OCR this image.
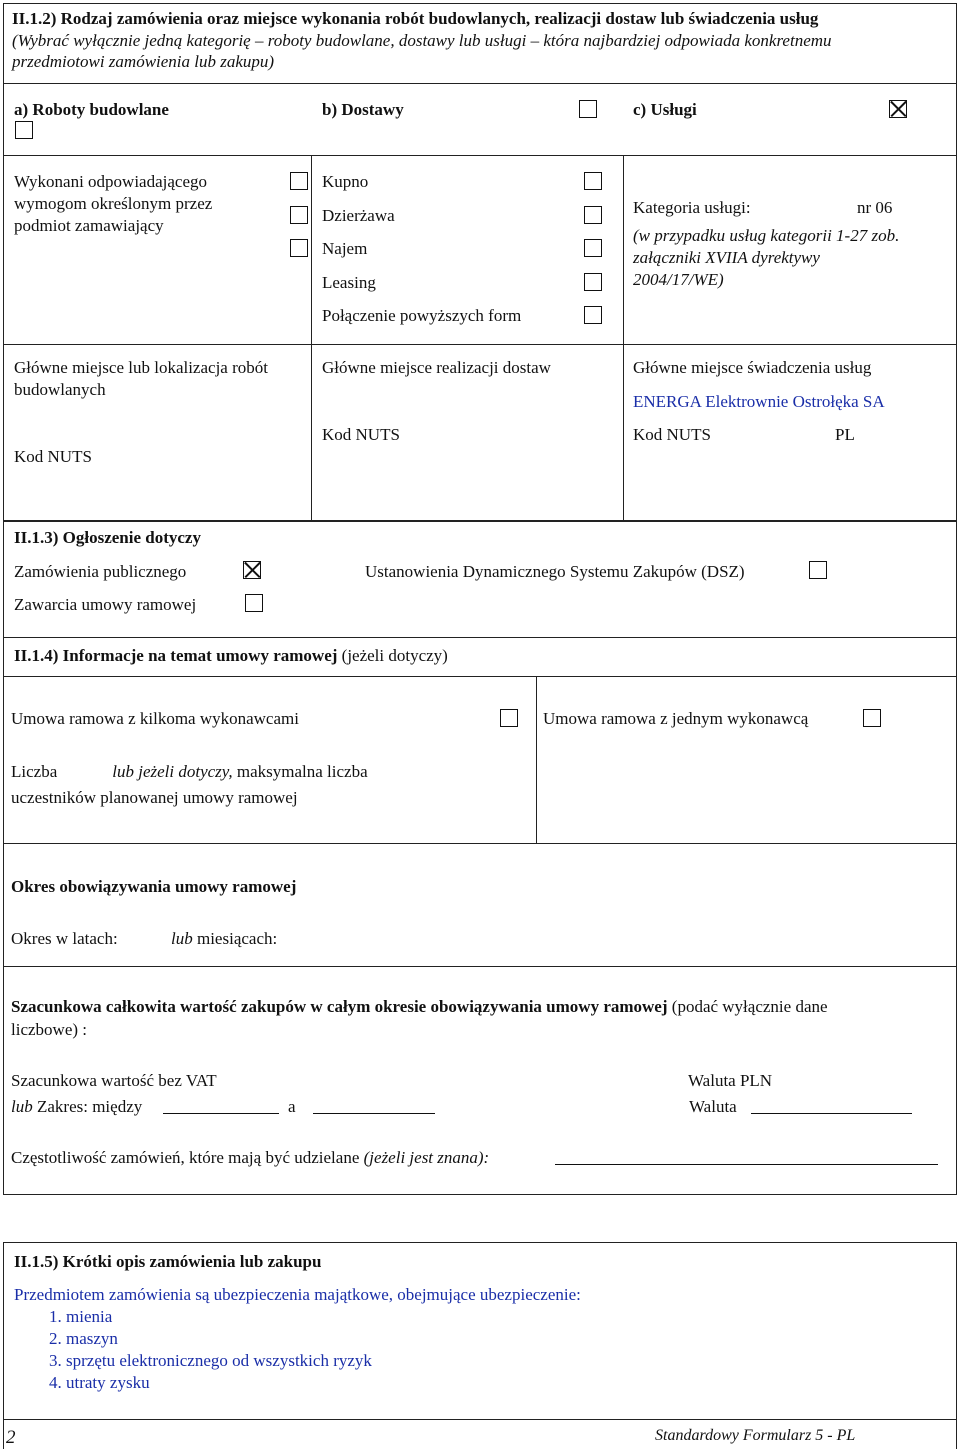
II.1.2) Rodzaj zamówienia oraz miejsce wykonania robót budowlanych, realizacji dostaw lub świadczenia usług
(Wybrać wyłącznie jedną kategorię – roboty budowlane, dostawy lub usługi – która najbardziej odpowiada konkretnemu
przedmiotowi zamówienia lub zakupu)
a) Roboty budowlane	b) Dostawy	c) Usługi
Wykonani odpowiadającego
wymogom określonym przez
podmiot zamawiający
Kupno
Dzierżawa
Najem
Leasing
Połączenie powyższych form
Kategoria usługi:	nr 06
(w przypadku usług kategorii 1-27 zob.
załączniki XVIIA dyrektywy
2004/17/WE)
Główne miejsce lub lokalizacja robót
budowlanych
Kod NUTS
Główne miejsce realizacji dostaw
Kod NUTS
Główne miejsce świadczenia usług
ENERGA Elektrownie Ostrołęka SA
Kod NUTS	PL
II.1.3) Ogłoszenie dotyczy
Zamówienia publicznego	Ustanowienia Dynamicznego Systemu Zakupów (DSZ)
Zawarcia umowy ramowej
II.1.4) Informacje na temat umowy ramowej (jeżeli dotyczy)
Umowa ramowa z kilkoma wykonawcami	Umowa ramowa z jednym wykonawcą
Liczba	lub jeżeli dotyczy, maksymalna liczba
uczestników planowanej umowy ramowej
Okres obowiązywania umowy ramowej
Okres w latach:	lub miesiącach:
Szacunkowa całkowita wartość zakupów w całym okresie obowiązywania umowy ramowej (podać wyłącznie dane
liczbowe) :
Szacunkowa wartość bez VAT	Waluta PLN
lub Zakres: między	a	Waluta
Częstotliwość zamówień, które mają być udzielane (jeżeli jest znana):
II.1.5) Krótki opis zamówienia lub zakupu
Przedmiotem zamówienia są ubezpieczenia majątkowe, obejmujące ubezpieczenie:
1. mienia
2. maszyn
3. sprzętu elektronicznego od wszystkich ryzyk
4. utraty zysku
2	Standardowy Formularz 5 - PL
